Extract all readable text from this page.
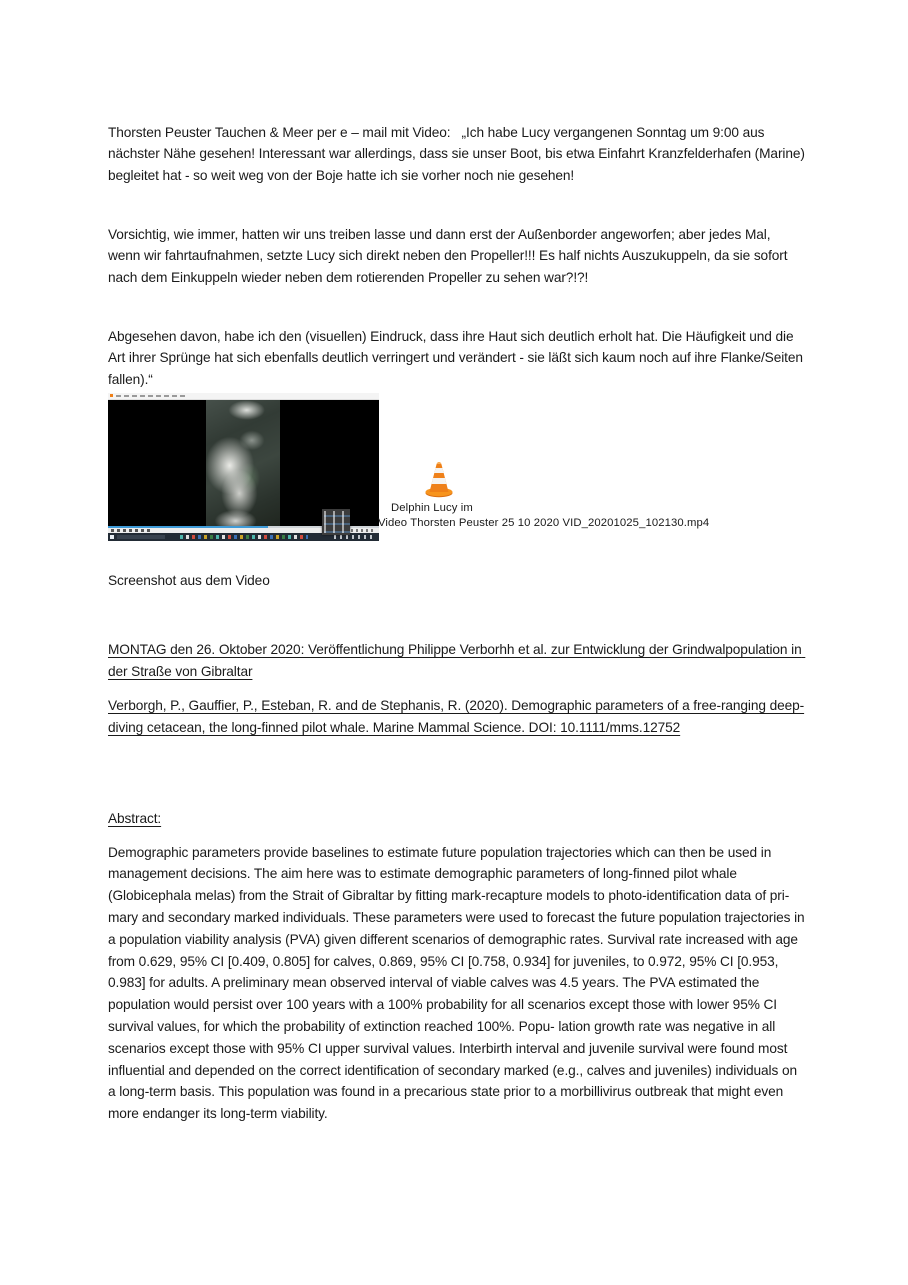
Thorsten Peuster Tauchen & Meer per e – mail mit Video:   „Ich habe Lucy vergangenen Sonntag um 9:00 aus nächster Nähe gesehen! Interessant war allerdings, dass sie unser Boot, bis etwa Einfahrt Kranzfelderhafen (Marine) begleitet hat - so weit weg von der Boje hatte ich sie vorher noch nie gesehen!

Vorsichtig, wie immer, hatten wir uns treiben lasse und dann erst der Außenborder angeworfen; aber jedes Mal, wenn wir fahrtaufnahmen, setzte Lucy sich direkt neben den Propeller!!! Es half nichts Auszukuppeln, da sie sofort nach dem Einkuppeln wieder neben dem rotierenden Propeller zu sehen war?!?!

Abgesehen davon, habe ich den (visuellen) Eindruck, dass ihre Haut sich deutlich erholt hat. Die Häufigkeit und die Art ihrer Sprünge hat sich ebenfalls deutlich verringert und verändert - sie läßt sich kaum noch auf ihre Flanke/Seiten fallen).“

Delphin Lucy im
Video Thorsten Peuster 25 10 2020 VID_20201025_102130.mp4

Screenshot aus dem Video

MONTAG den 26. Oktober 2020: Veröffentlichung Philippe Verborhh et al. zur Entwicklung der Grindwalpopulation in der Straße von Gibraltar

Verborgh, P., Gauffier, P., Esteban, R. and de Stephanis, R. (2020). Demographic parameters of a free-ranging deep-diving cetacean, the long-finned pilot whale. Marine Mammal Science. DOI: 10.1111/mms.12752

Abstract:

Demographic parameters provide baselines to estimate future population trajectories which can then be used in management decisions. The aim here was to estimate demographic parameters of long-finned pilot whale (Globicephala melas) from the Strait of Gibraltar by fitting mark-recapture models to photo-identification data of pri- mary and secondary marked individuals. These parameters were used to forecast the future population trajectories in a population viability analysis (PVA) given different scenarios of demographic rates. Survival rate increased with age from 0.629, 95% CI [0.409, 0.805] for calves, 0.869, 95% CI [0.758, 0.934] for juveniles, to 0.972, 95% CI [0.953, 0.983] for adults. A preliminary mean observed interval of viable calves was 4.5 years. The PVA estimated the population would persist over 100 years with a 100% probability for all scenarios except those with lower 95% CI survival values, for which the probability of extinction reached 100%. Popu- lation growth rate was negative in all scenarios except those with 95% CI upper survival values. Interbirth interval and juvenile survival were found most influential and depended on the correct identification of secondary marked (e.g., calves and juveniles) individuals on a long-term basis. This population was found in a precarious state prior to a morbillivirus outbreak that might even more endanger its long-term viability.
